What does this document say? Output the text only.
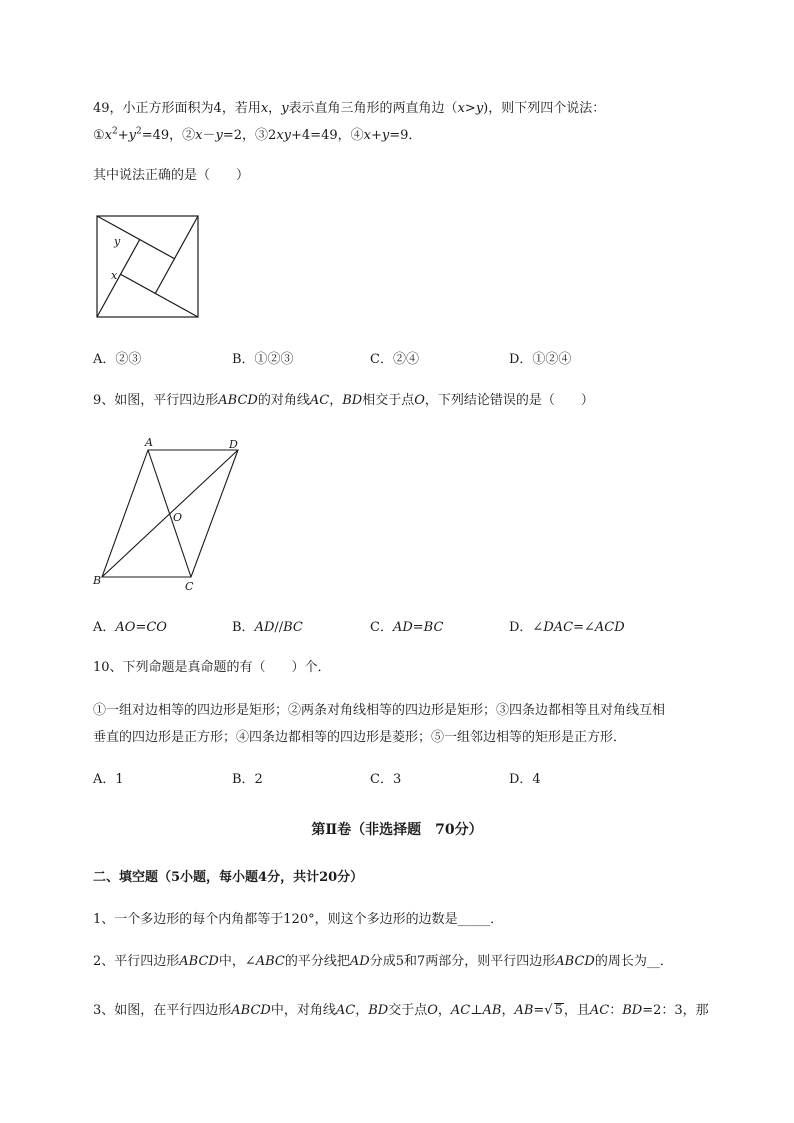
49，小正方形面积为4，若用x，y表示直角三角形的两直角边（x>y)，则下列四个说法：
$①x^2+y^2=49$，②x－y=2，③2xy+4=49，④x+y=9．
其中说法正确的是（　　）
y
x
A．②③	B．①②③	C．②④	D．①②④
9、如图，平行四边形ABCD的对角线AC，BD相交于点O，下列结论错误的是（　　）
A	D
O
B	C
A．AO=CO	B．AD//BC	C．AD=BC	D．∠DAC=∠ACD
10、下列命题是真命题的有（　　）个．
①一组对边相等的四边形是矩形；②两条对角线相等的四边形是矩形；③四条边都相等且对角线互相
垂直的四边形是正方形；④四条边都相等的四边形是菱形；⑤一组邻边相等的矩形是正方形．
A．1	B．2	C．3	D．4
第Ⅱ卷（非选择题　70分）
二、填空题（5小题，每小题4分，共计20分）
1、一个多边形的每个内角都等于120°，则这个多边形的边数是_____．
2、平行四边形ABCD中，∠ABC的平分线把AD分成5和7两部分，则平行四边形ABCD的周长为__．
3、如图，在平行四边形ABCD中，对角线AC，BD交于点O，AC⊥AB，AB=√ 5，且AC：BD=2：3，那
